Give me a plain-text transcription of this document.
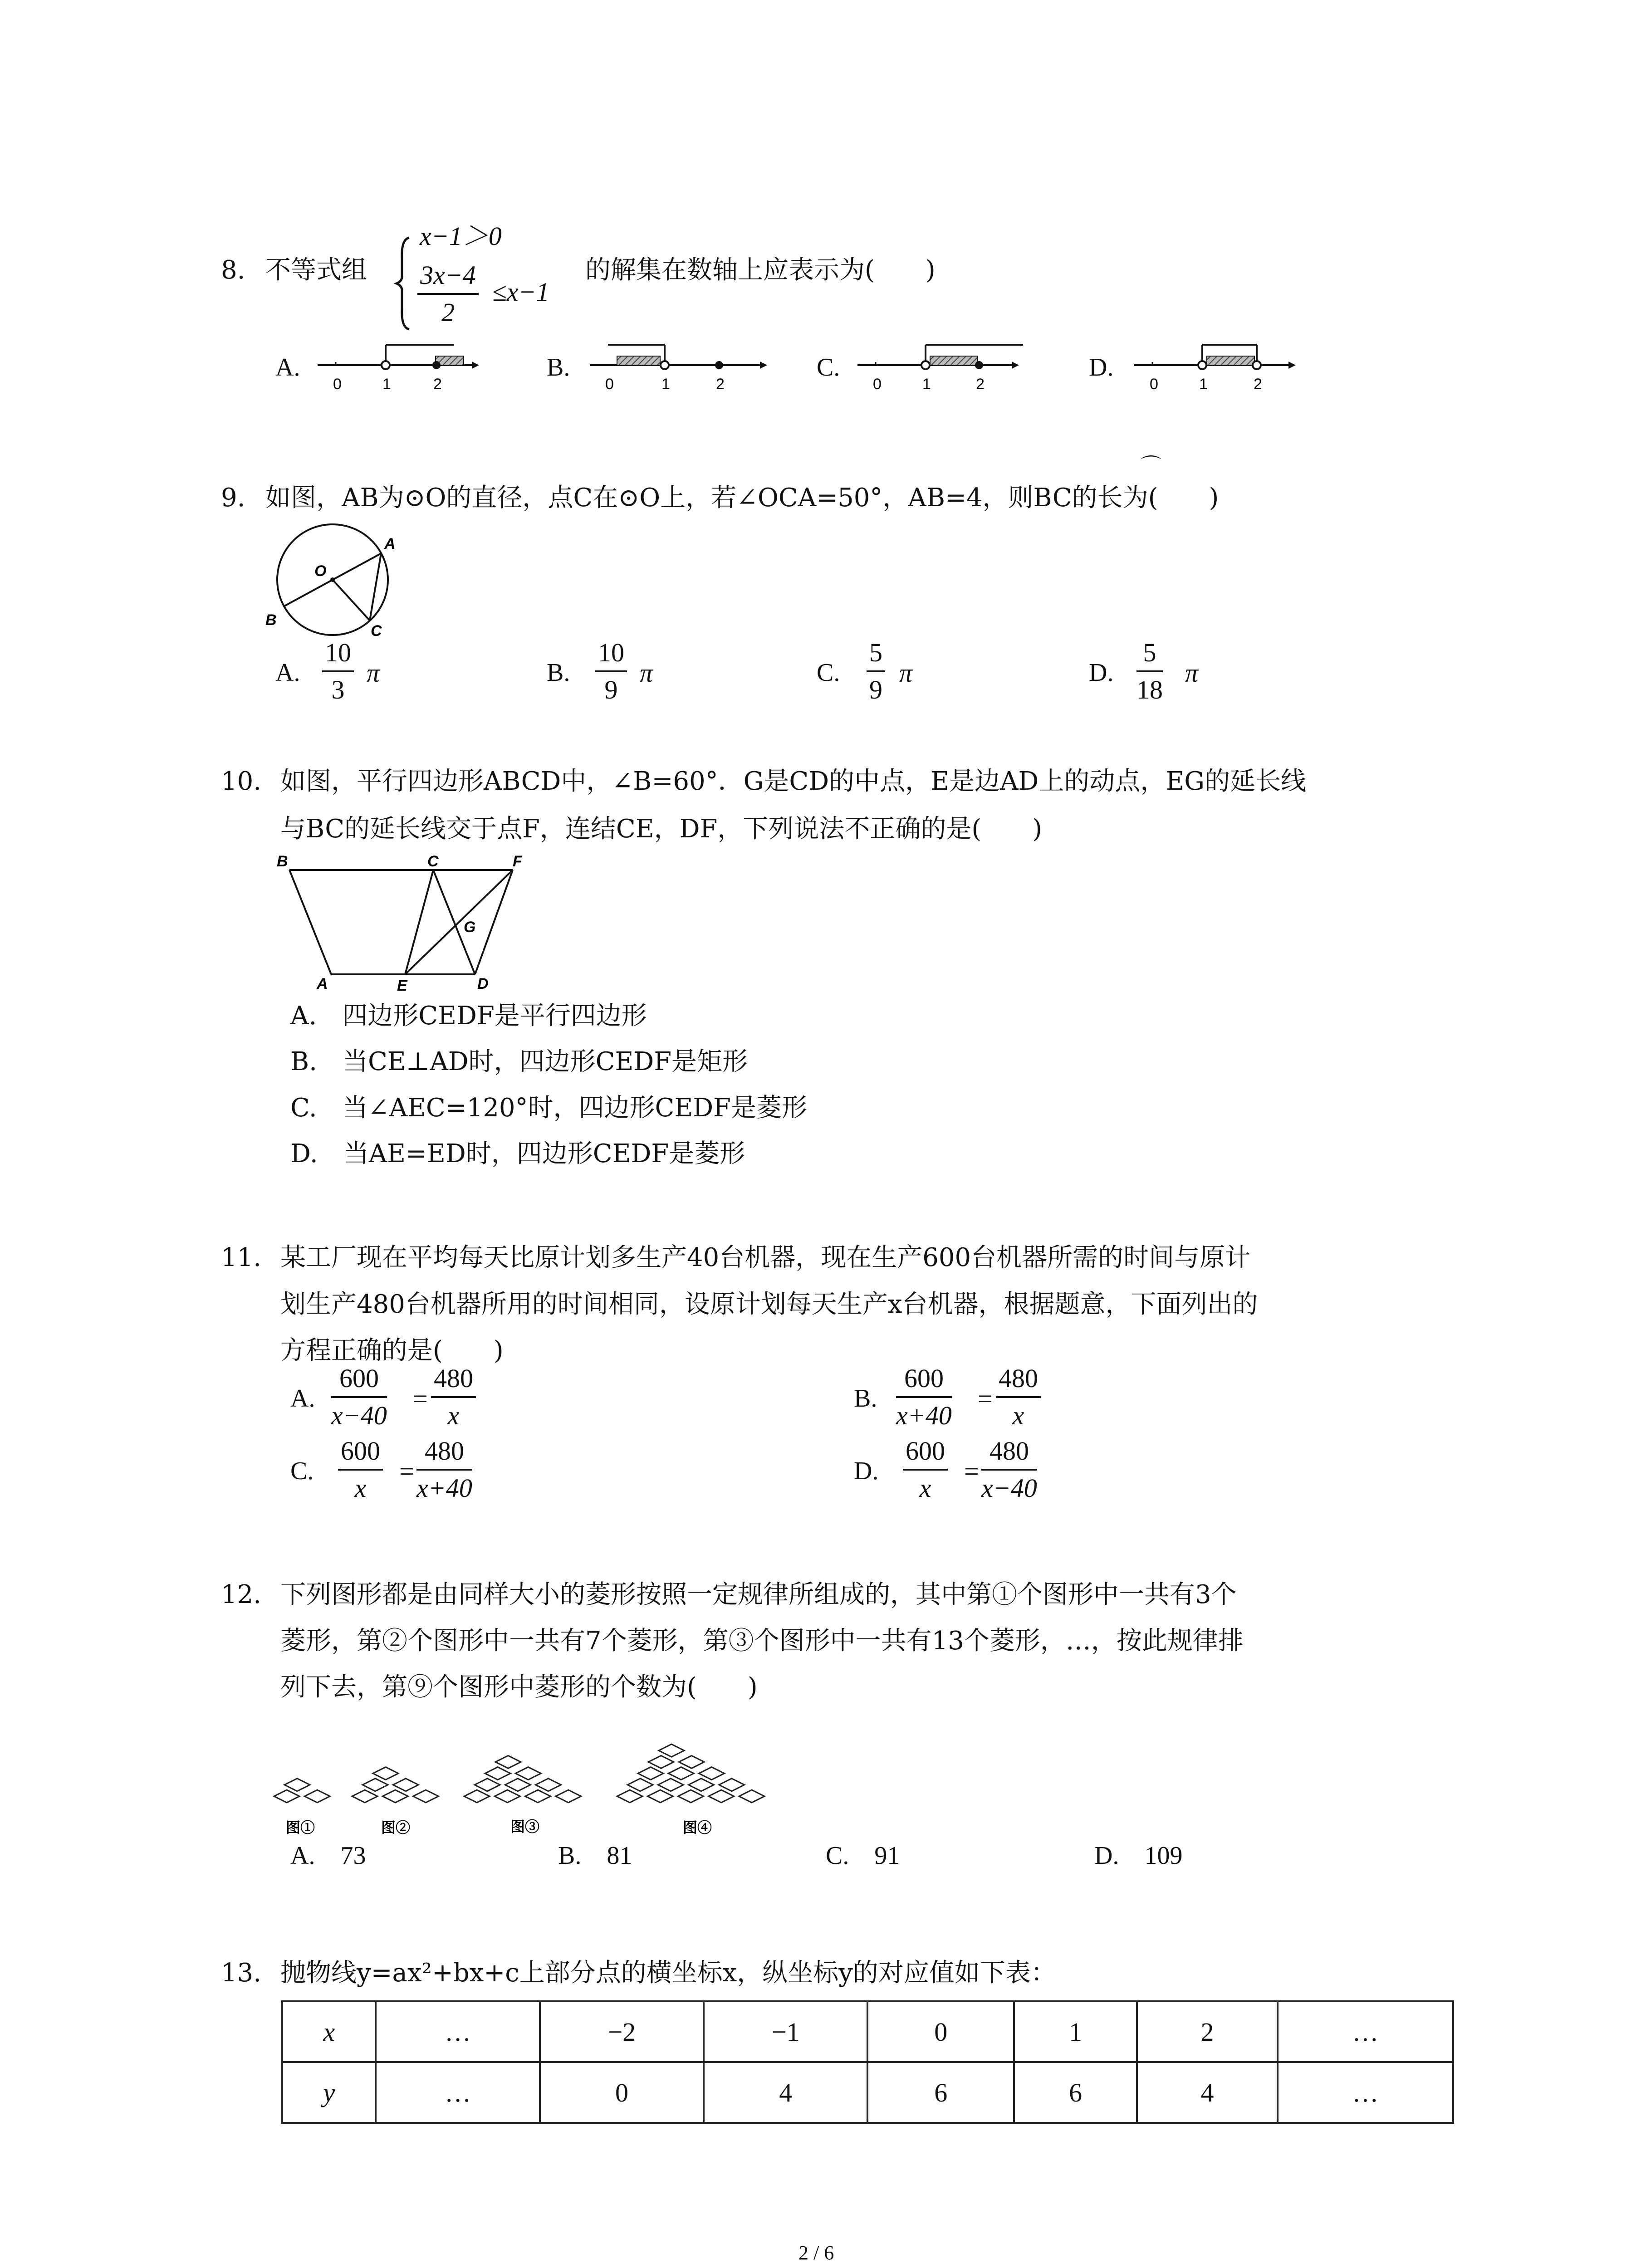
8. 不等式组
x−1＞0
$\frac{3x-4}{2} \le x-1$
的解集在数轴上应表示为(　　)
A.	B.	C.	D.
0	1	2	0	1	2	0	1	2	0	1	2
⌒
9. 如图，AB为⊙O的直径，点C在⊙O上，若∠OCA=50°，AB=4，则BC的长为(　　)
A
O
B
C
A. $\frac{10}{3}$ π	B. $\frac{10}{9}$ π	C. $\frac{5}{9}$ π	D. $\frac{5}{18}$ π
10. 如图，平行四边形ABCD中，∠B=60°．G是CD的中点，E是边AD上的动点，EG的延长线
与BC的延长线交于点F，连结CE，DF，下列说法不正确的是(　　)
B	C	F
G
A	E	D
A.　四边形CEDF是平行四边形
B.　当CE⊥AD时，四边形CEDF是矩形
C.　当∠AEC=120°时，四边形CEDF是菱形
D.　当AE=ED时，四边形CEDF是菱形
11. 某工厂现在平均每天比原计划多生产40台机器，现在生产600台机器所需的时间与原计
划生产480台机器所用的时间相同，设原计划每天生产x台机器，根据题意，下面列出的
方程正确的是(　　)
A. $\frac{600}{x-40} = \frac{480}{x}$	B. $\frac{600}{x+40} = \frac{480}{x}$
C. $\frac{600}{x} = \frac{480}{x+40}$	D. $\frac{600}{x} = \frac{480}{x-40}$
12. 下列图形都是由同样大小的菱形按照一定规律所组成的，其中第①个图形中一共有3个
菱形，第②个图形中一共有7个菱形，第③个图形中一共有13个菱形，…，按此规律排
列下去，第⑨个图形中菱形的个数为(　　)
图①	图②	图③	图④
A.　73	B.　81	C.　91	D.　109
13. 抛物线y=ax²+bx+c上部分点的横坐标x，纵坐标y的对应值如下表：
x	…	−2	−1	0	1	2	…
y	…	0	4	6	6	4	…
2 / 6
